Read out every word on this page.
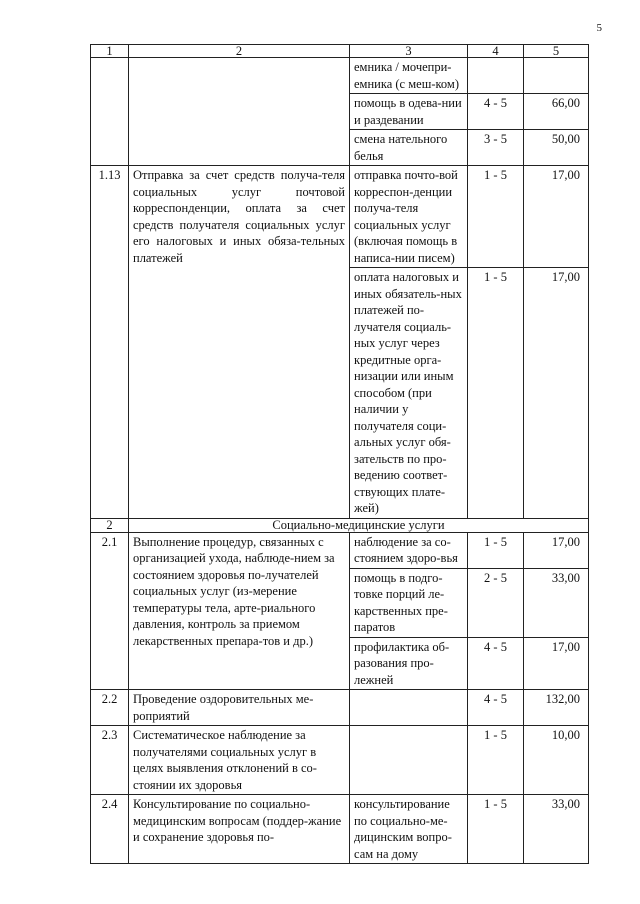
5
1	2	3	4	5
		емника / мочепри-емника (с меш-ком)		
		помощь в одева-нии и раздевании	4 - 5	66,00
		смена нательного белья	3 - 5	50,00
1.13	Отправка за счет средств получа-теля социальных услуг почтовой корреспонденции, оплата за счет средств получателя социальных услуг его налоговых и иных обяза-тельных платежей	отправка почто-вой корреспон-денции получа-теля социальных услуг (включая помощь в написа-нии писем)	1 - 5	17,00
		оплата налоговых и иных обязатель-ных платежей по-лучателя социаль-ных услуг через кредитные орга-низации или иным способом (при наличии у получателя соци-альных услуг обя-зательств по про-ведению соответ-ствующих плате-жей)	1 - 5	17,00
2	Социально-медицинские услуги			
2.1	Выполнение процедур, связанных с организацией ухода, наблюде-нием за состоянием здоровья по-лучателей социальных услуг (из-мерение температуры тела, арте-риального давления, контроль за приемом лекарственных препара-тов и др.)	наблюдение за со-стоянием здоро-вья	1 - 5	17,00
		помощь в подго-товке порций ле-карственных пре-паратов	2 - 5	33,00
		профилактика об-разования про-лежней	4 - 5	17,00
2.2	Проведение оздоровительных ме-роприятий		4 - 5	132,00
2.3	Систематическое наблюдение за получателями социальных услуг в целях выявления отклонений в со-стоянии их здоровья		1 - 5	10,00
2.4	Консультирование по социально-медицинским вопросам (поддер-жание и сохранение здоровья по-	консультирование по социально-ме-дицинским вопро-сам на дому	1 - 5	33,00
